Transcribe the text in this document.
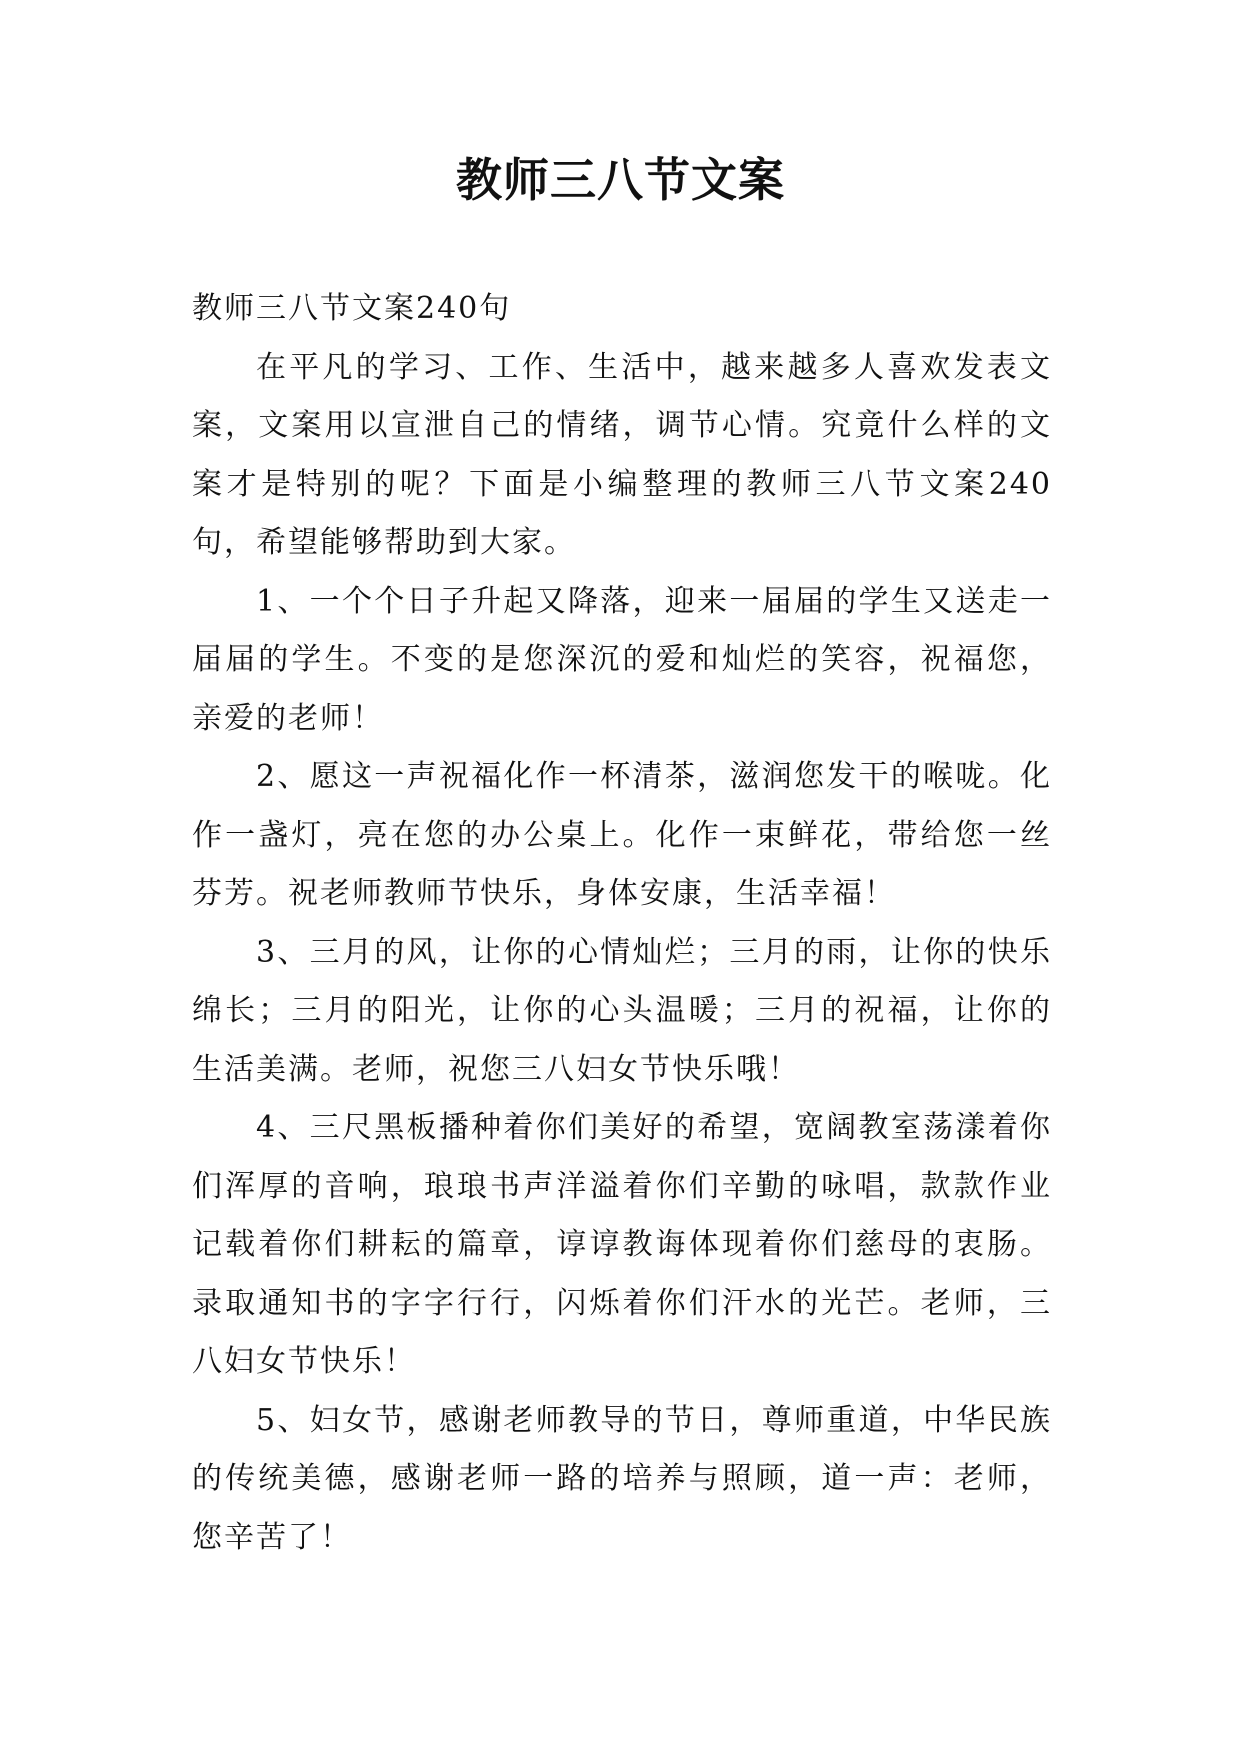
教师三八节文案

教师三八节文案240句

在平凡的学习、工作、生活中，越来越多人喜欢发表文案，文案用以宣泄自己的情绪，调节心情。究竟什么样的文案才是特别的呢？下面是小编整理的教师三八节文案240句，希望能够帮助到大家。

1、一个个日子升起又降落，迎来一届届的学生又送走一届届的学生。不变的是您深沉的爱和灿烂的笑容，祝福您，亲爱的老师！

2、愿这一声祝福化作一杯清茶，滋润您发干的喉咙。化作一盏灯，亮在您的办公桌上。化作一束鲜花，带给您一丝芬芳。祝老师教师节快乐，身体安康，生活幸福！

3、三月的风，让你的心情灿烂；三月的雨，让你的快乐绵长；三月的阳光，让你的心头温暖；三月的祝福，让你的生活美满。老师，祝您三八妇女节快乐哦！

4、三尺黑板播种着你们美好的希望，宽阔教室荡漾着你们浑厚的音响，琅琅书声洋溢着你们辛勤的咏唱，款款作业记载着你们耕耘的篇章，谆谆教诲体现着你们慈母的衷肠。录取通知书的字字行行，闪烁着你们汗水的光芒。老师，三八妇女节快乐！

5、妇女节，感谢老师教导的节日，尊师重道，中华民族的传统美德，感谢老师一路的培养与照顾，道一声：老师，您辛苦了！
